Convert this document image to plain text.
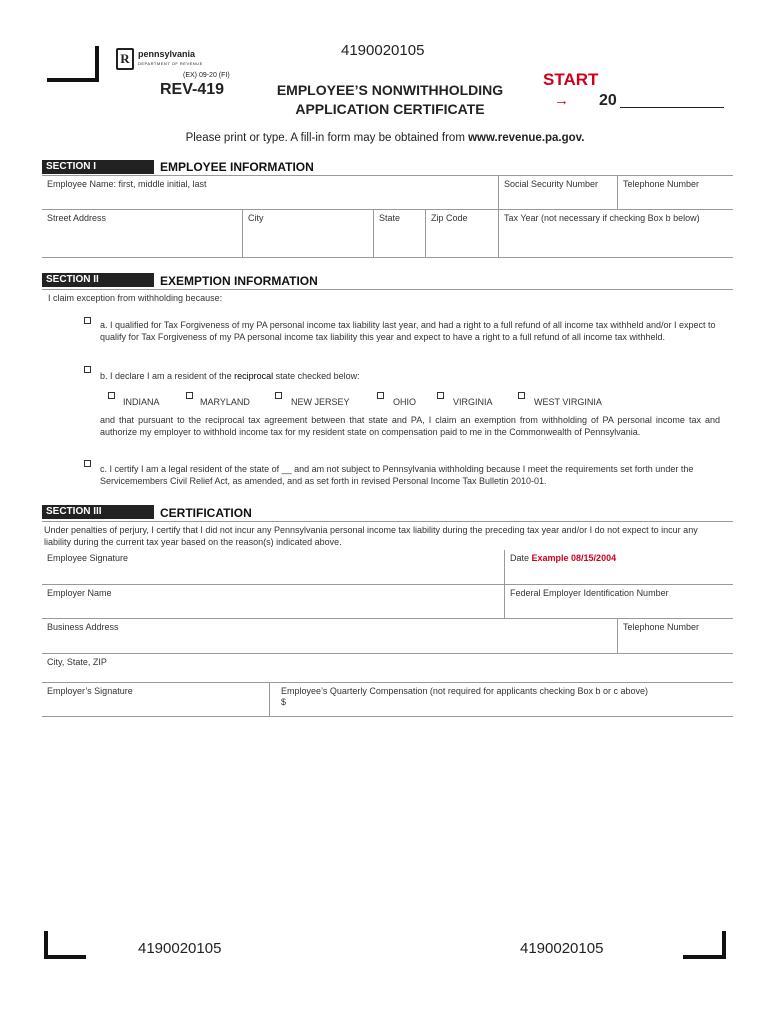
4190020105
R pennsylvania
DEPARTMENT OF REVENUE
(EX) 09-20 (FI)
REV-419	EMPLOYEE’S NONWITHHOLDING
APPLICATION CERTIFICATE
START
→ 20
Please print or type. A fill-in form may be obtained from www.revenue.pa.gov.
SECTION I	EMPLOYEE INFORMATION
Employee Name: first, middle initial, last	Social Security Number	Telephone Number
Street Address	City	State	Zip Code	Tax Year (not necessary if checking Box b below)
SECTION II	EXEMPTION INFORMATION
I claim exception from withholding because:
a. I qualified for Tax Forgiveness of my PA personal income tax liability last year, and had a right to a full refund of all income tax withheld and/or I expect to qualify for Tax Forgiveness of my PA personal income tax liability this year and expect to have a right to a full refund of all income tax withheld.
b. I declare I am a resident of the reciprocal state checked below:
INDIANA	MARYLAND	NEW JERSEY	OHIO	VIRGINIA	WEST VIRGINIA
and that pursuant to the reciprocal tax agreement between that state and PA, I claim an exemption from withholding of PA personal income tax and authorize my employer to withhold income tax for my resident state on compensation paid to me in the Commonwealth of Pennsylvania.
c. I certify I am a legal resident of the state of __ and am not subject to Pennsylvania withholding because I meet the requirements set forth under the Servicemembers Civil Relief Act, as amended, and as set forth in revised Personal Income Tax Bulletin 2010-01.
SECTION III	CERTIFICATION
Under penalties of perjury, I certify that I did not incur any Pennsylvania personal income tax liability during the preceding tax year and/or I do not expect to incur any liability during the current tax year based on the reason(s) indicated above.
Employee Signature	Date Example 08/15/2004
Employer Name	Federal Employer Identification Number
Business Address	Telephone Number
City, State, ZIP
Employer’s Signature	Employee’s Quarterly Compensation (not required for applicants checking Box b or c above)
$
4190020105	4190020105
